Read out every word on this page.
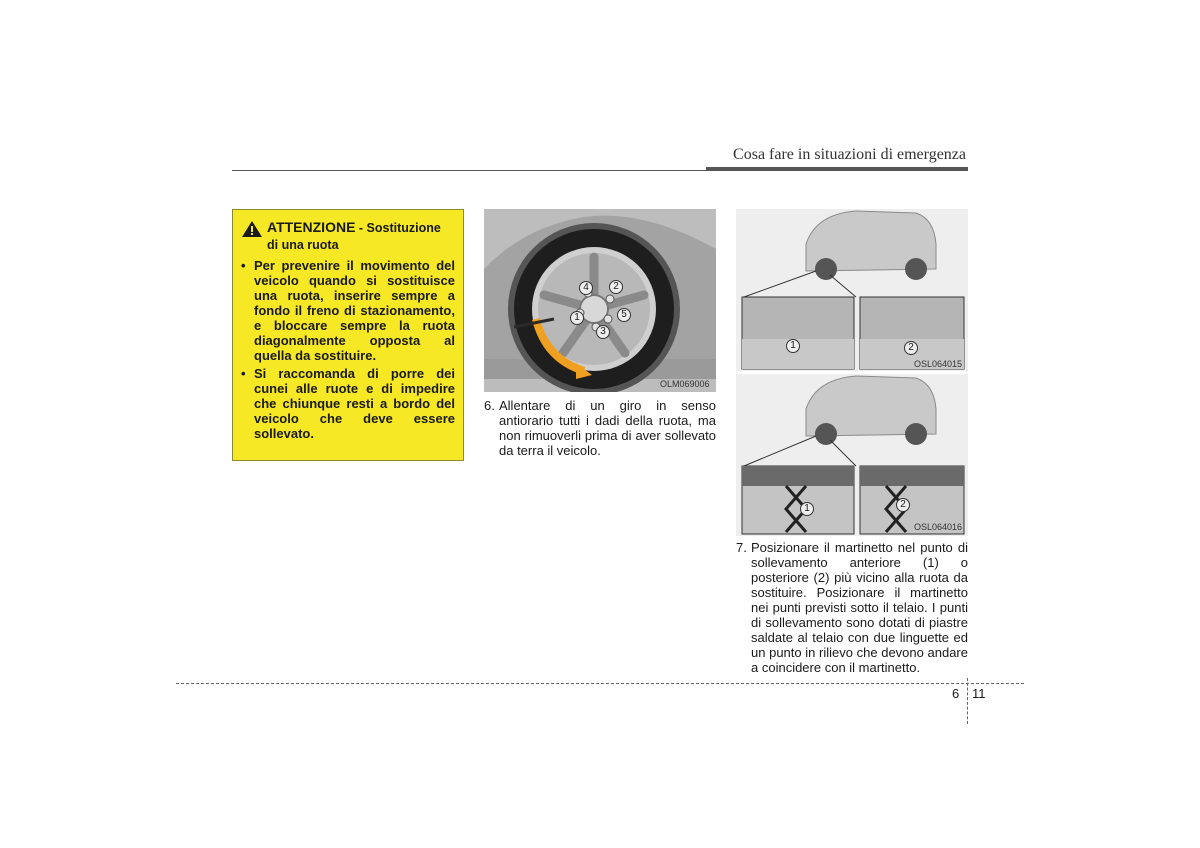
Cosa fare in situazioni di emergenza
ATTENZIONE - Sostituzione
di una ruota
• Per prevenire il movimento del veicolo quando si sostituisce una ruota, inserire sempre a fondo il freno di stazionamento, e bloccare sempre la ruota diagonalmente opposta al quella da sostituire.
• Si raccomanda di porre dei cunei alle ruote e di impedire che chiunque resti a bordo del veicolo che deve essere sollevato.
OLM069006
4	2
1	5
3
6. Allentare di un giro in senso antiorario tutti i dadi della ruota, ma non rimuoverli prima di aver sollevato da terra il veicolo.
1	2
OSL064015
1	2
OSL064016
7. Posizionare il martinetto nel punto di sollevamento anteriore (1) o posteriore (2) più vicino alla ruota da sostituire. Posizionare il martinetto nei punti previsti sotto il telaio. I punti di sollevamento sono dotati di piastre saldate al telaio con due linguette ed un punto in rilievo che devono andare a coincidere con il martinetto.
6 11
